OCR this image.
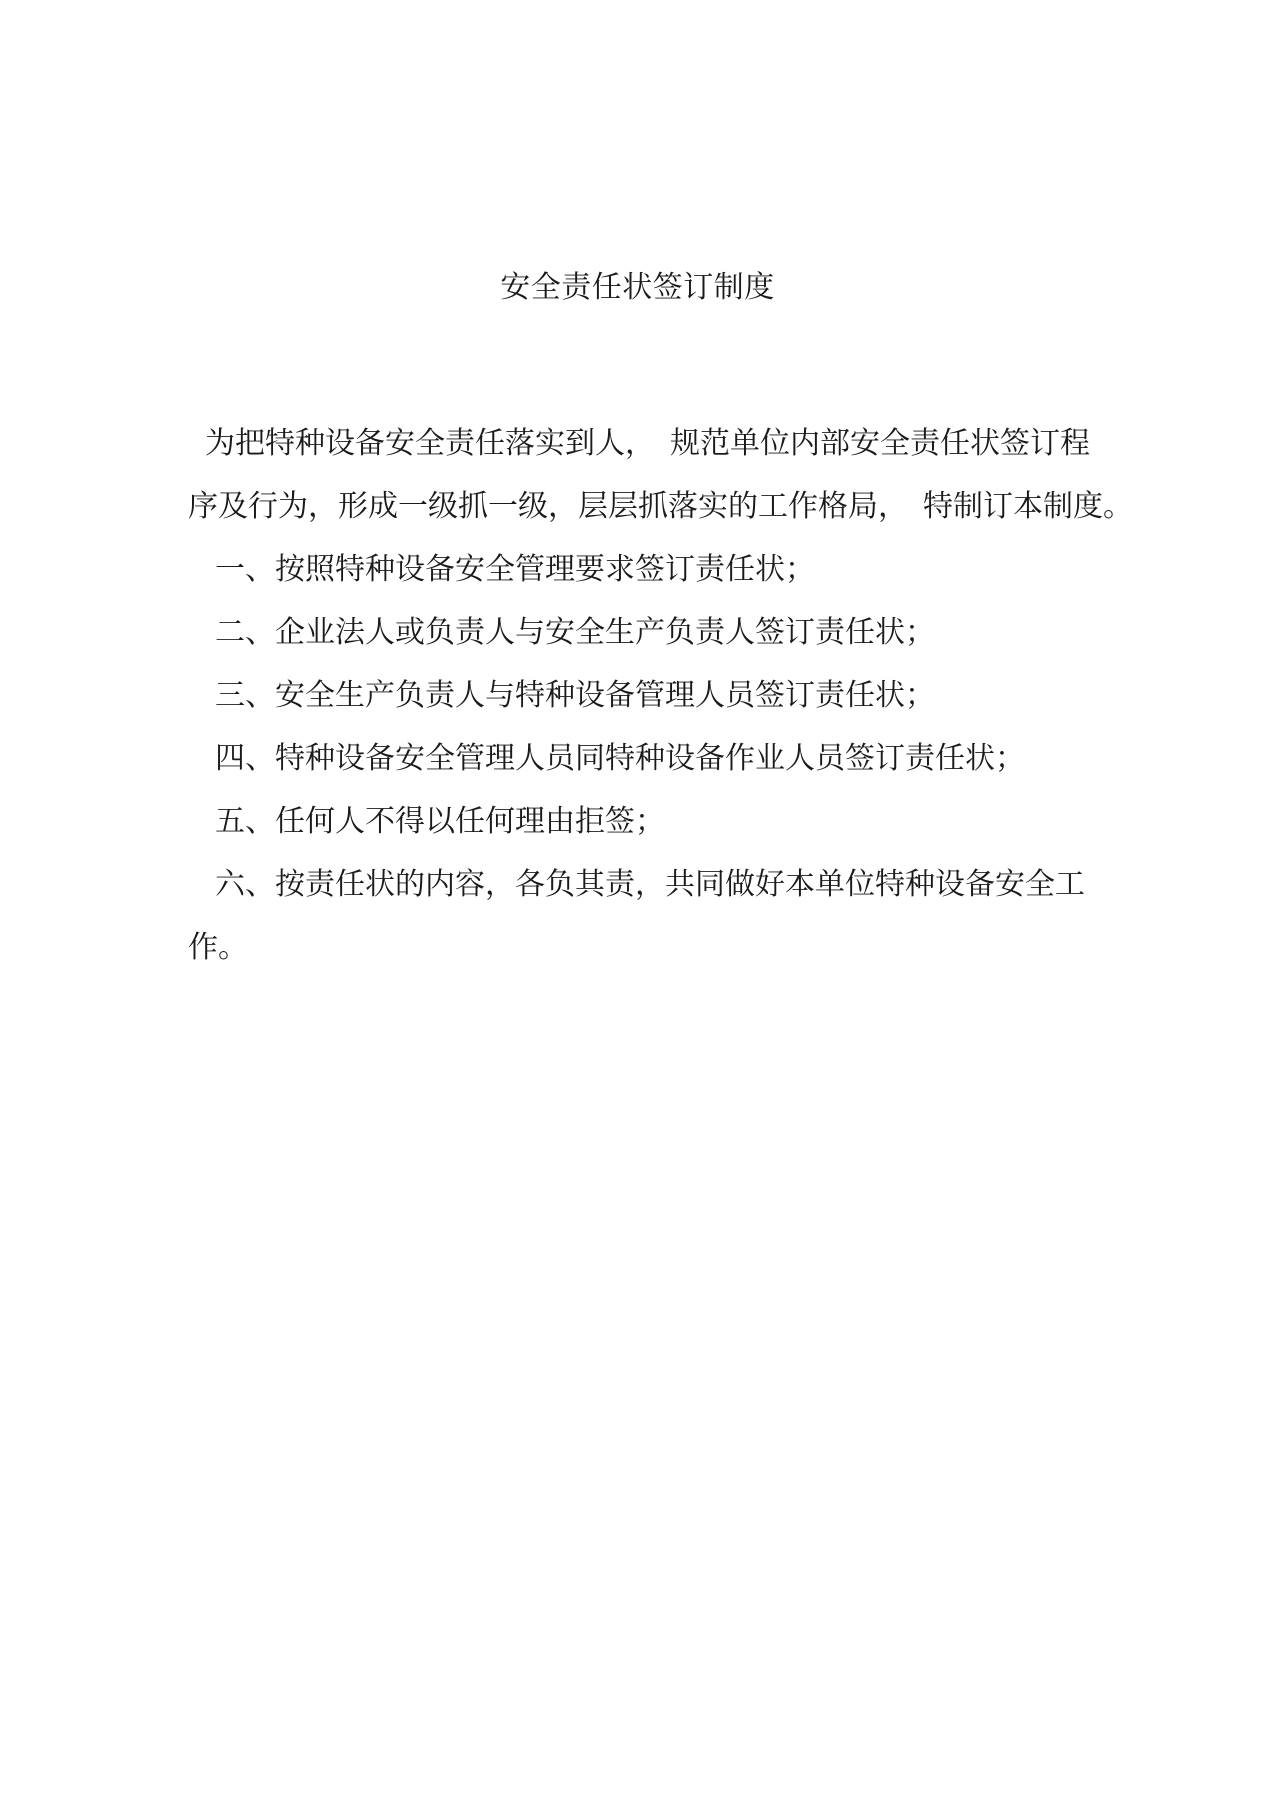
安全责任状签订制度
为把特种设备安全责任落实到人，　规范单位内部安全责任状签订程
序及行为，形成一级抓一级，层层抓落实的工作格局，　特制订本制度。
一、按照特种设备安全管理要求签订责任状；
二、企业法人或负责人与安全生产负责人签订责任状；
三、安全生产负责人与特种设备管理人员签订责任状；
四、特种设备安全管理人员同特种设备作业人员签订责任状；
五、任何人不得以任何理由拒签；
六、按责任状的内容，各负其责，共同做好本单位特种设备安全工
作。
